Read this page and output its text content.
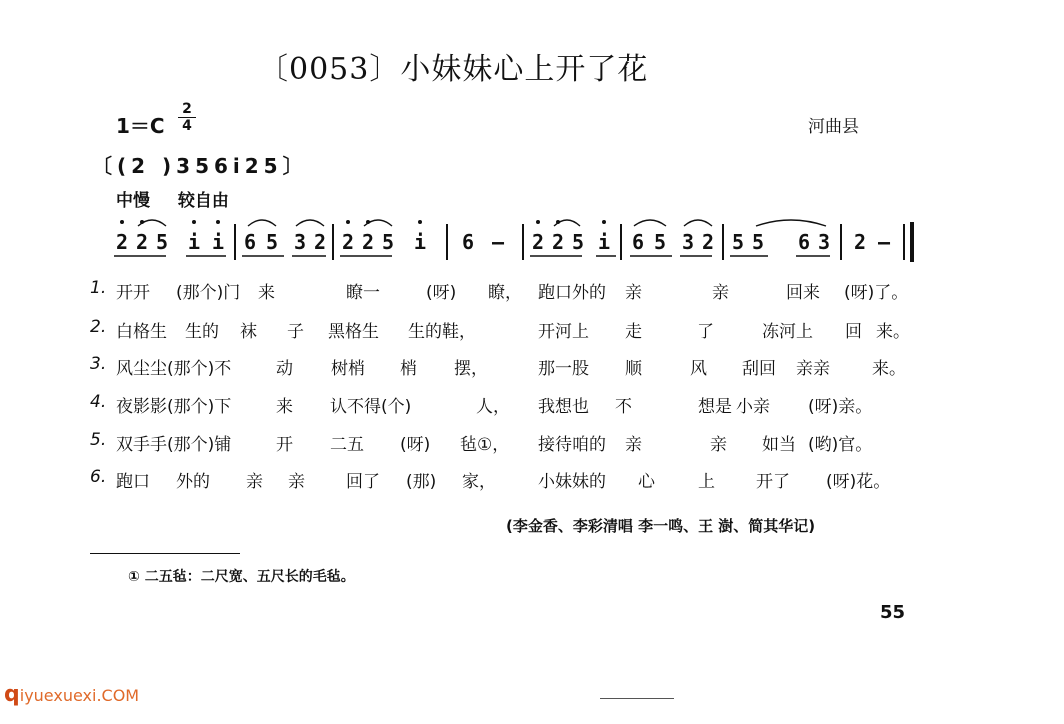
〔0053〕小妹妹心上开了花
1＝C
2
4	河曲县
〔(2 )356i25〕
中慢 较自由
2 2 5 i i 6 5 3 2 2 2 5 i 6 – 2 2 5 i 6 5 3 2 5 5 6 3 2 –
1. 开开 (那个)门 来	瞭一	(呀) 瞭， 跑口外的 亲	亲	回来 (呀)了。
2. 白格生 生的 袜 子 黑格生 生的鞋，	开河上 走	了	冻河上 回 来。
3. 风尘尘(那个)不	动 树梢 梢 摆，	那一股 顺	风 刮回 亲亲 来。
4. 夜影影(那个)下	来 认不得(个)	人， 我想也 不	想是 小亲 (呀)亲。
5. 双手手(那个)铺	开 二五 (呀) 毡①， 接待咱的 亲	亲 如当 (哟)官。
6. 跑口 外的 亲 亲 回了 (那) 家， 小妹妹的 心	上 开了 (呀)花。
(李金香、李彩清唱 李一鸣、王 澍、简其华记)
① 二五毡：二尺宽、五尺长的毛毡。
55
qiyuexuexi.COM
